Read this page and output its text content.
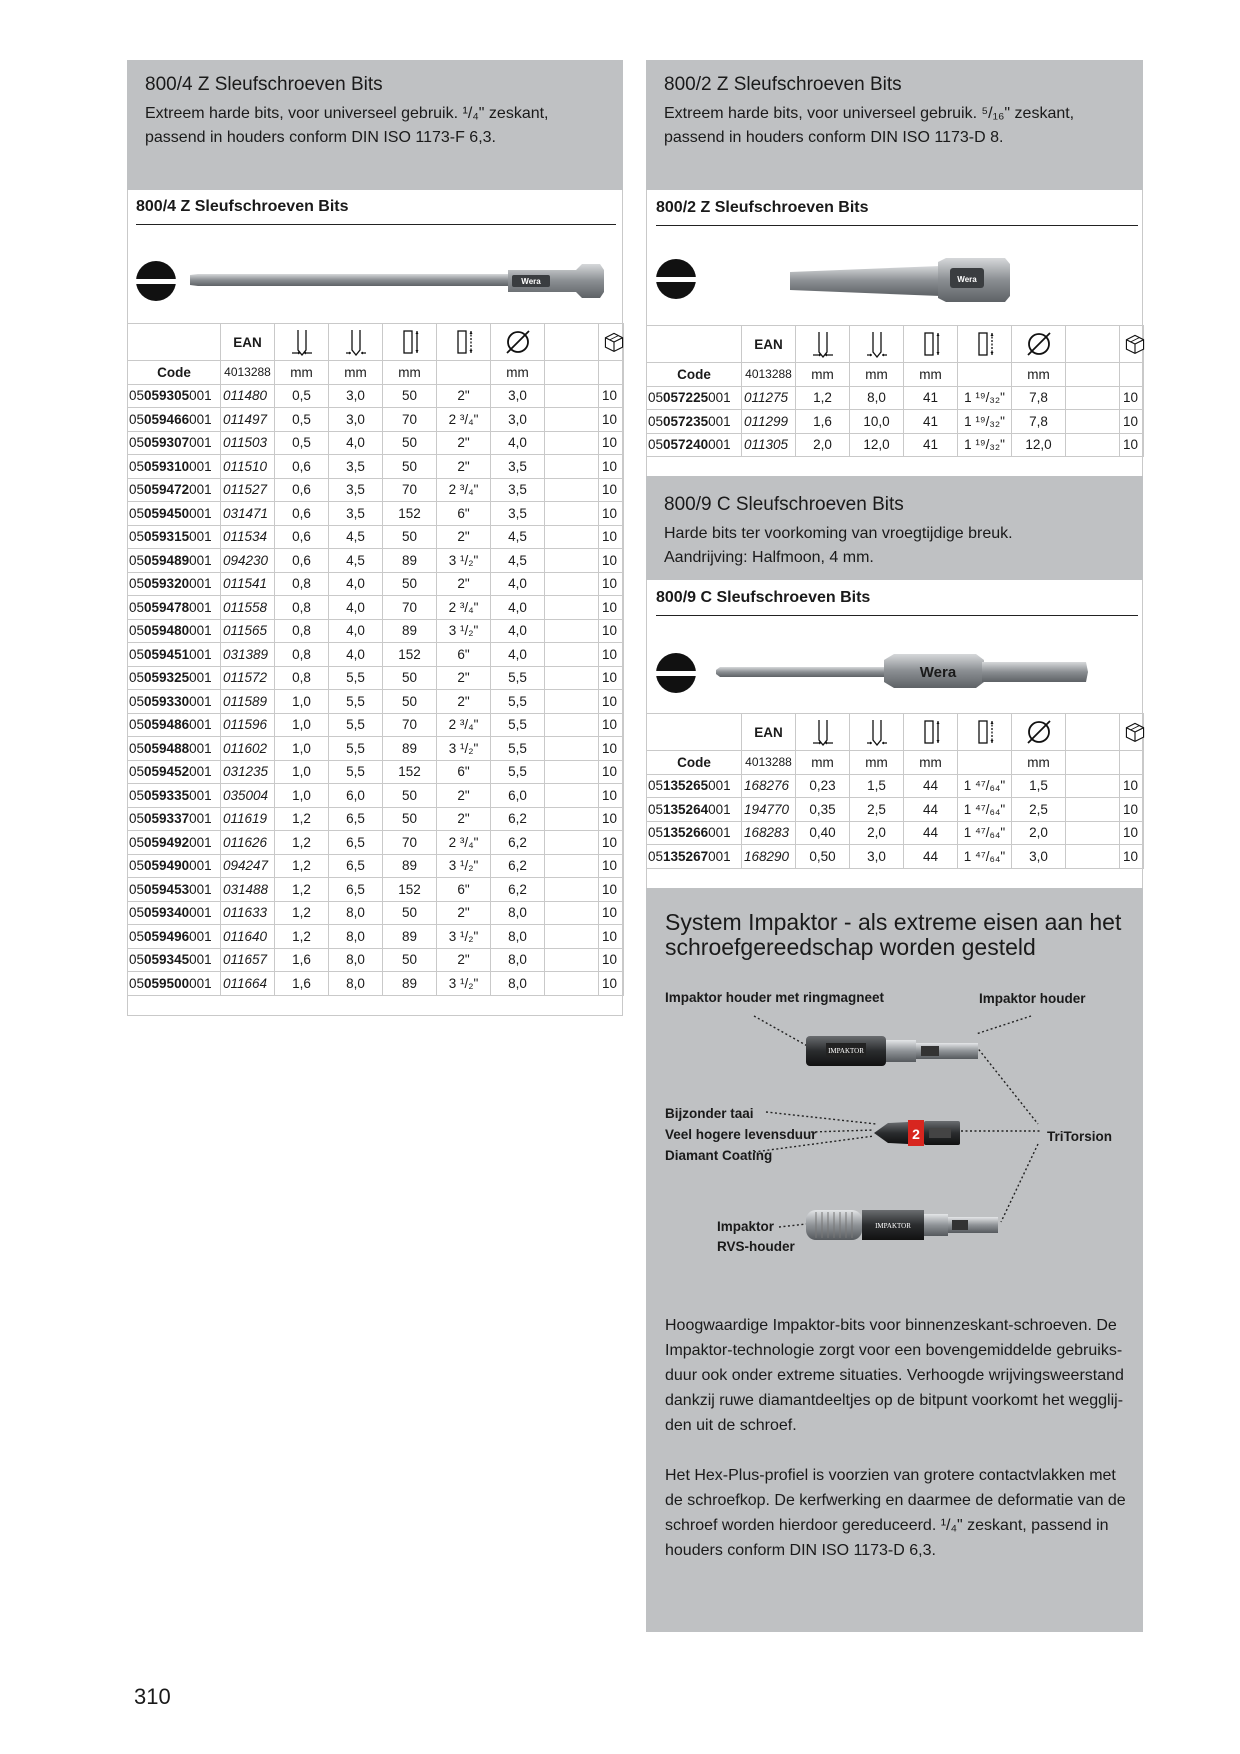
800/4 Z Sleufschroeven Bits
Extreem harde bits, voor universeel gebruik. ¹/₄" zeskant,
passend in houders conform DIN ISO 1173-F 6,3.
800/4 Z Sleufschroeven Bits
Wera
	EAN							
Code	4013288	mm	mm	mm		mm		
05059305001	011480	0,5	3,0	50	2"	3,0		10
05059466001	011497	0,5	3,0	70	2 ³/₄"	3,0		10
05059307001	011503	0,5	4,0	50	2"	4,0		10
05059310001	011510	0,6	3,5	50	2"	3,5		10
05059472001	011527	0,6	3,5	70	2 ³/₄"	3,5		10
05059450001	031471	0,6	3,5	152	6"	3,5		10
05059315001	011534	0,6	4,5	50	2"	4,5		10
05059489001	094230	0,6	4,5	89	3 ¹/₂"	4,5		10
05059320001	011541	0,8	4,0	50	2"	4,0		10
05059478001	011558	0,8	4,0	70	2 ³/₄"	4,0		10
05059480001	011565	0,8	4,0	89	3 ¹/₂"	4,0		10
05059451001	031389	0,8	4,0	152	6"	4,0		10
05059325001	011572	0,8	5,5	50	2"	5,5		10
05059330001	011589	1,0	5,5	50	2"	5,5		10
05059486001	011596	1,0	5,5	70	2 ³/₄"	5,5		10
05059488001	011602	1,0	5,5	89	3 ¹/₂"	5,5		10
05059452001	031235	1,0	5,5	152	6"	5,5		10
05059335001	035004	1,0	6,0	50	2"	6,0		10
05059337001	011619	1,2	6,5	50	2"	6,2		10
05059492001	011626	1,2	6,5	70	2 ³/₄"	6,2		10
05059490001	094247	1,2	6,5	89	3 ¹/₂"	6,2		10
05059453001	031488	1,2	6,5	152	6"	6,2		10
05059340001	011633	1,2	8,0	50	2"	8,0		10
05059496001	011640	1,2	8,0	89	3 ¹/₂"	8,0		10
05059345001	011657	1,6	8,0	50	2"	8,0		10
05059500001	011664	1,6	8,0	89	3 ¹/₂"	8,0		10

800/2 Z Sleufschroeven Bits
Extreem harde bits, voor universeel gebruik. ⁵/₁₆" zeskant,
passend in houders conform DIN ISO 1173-D 8.
800/2 Z Sleufschroeven Bits
Wera
	EAN							
Code	4013288	mm	mm	mm		mm		
05057225001	011275	1,2	8,0	41	1 ¹⁹/₃₂"	7,8		10
05057235001	011299	1,6	10,0	41	1 ¹⁹/₃₂"	7,8		10
05057240001	011305	2,0	12,0	41	1 ¹⁹/₃₂"	12,0		10
800/9 C Sleufschroeven Bits
Harde bits ter voorkoming van vroegtijdige breuk.
Aandrijving: Halfmoon, 4 mm.
800/9 C Sleufschroeven Bits
Wera
	EAN							
Code	4013288	mm	mm	mm		mm		
05135265001	168276	0,23	1,5	44	1 ⁴⁷/₆₄"	1,5		10
05135264001	194770	0,35	2,5	44	1 ⁴⁷/₆₄"	2,5		10
05135266001	168283	0,40	2,0	44	1 ⁴⁷/₆₄"	2,0		10
05135267001	168290	0,50	3,0	44	1 ⁴⁷/₆₄"	3,0		10
System Impaktor - als extreme eisen aan het schroefgereedschap worden gesteld
Impaktor houder met ringmagneet	Impaktor houder
Bijzonder taai
Veel hogere levensduur
Diamant Coating
TriTorsion
Impaktor
RVS-houder
IMPAKTOR
2
IMPAKTOR
Hoogwaardige Impaktor-bits voor binnenzeskant-schroeven. De Impaktor-technologie zorgt voor een bovengemiddelde gebruiks-duur ook onder extreme situaties. Verhoogde wrijvingsweerstand dankzij ruwe diamantdeeltjes op de bitpunt voorkomt het wegglij-den uit de schroef.
Het Hex-Plus-profiel is voorzien van grotere contactvlakken met de schroefkop. De kerfwerking en daarmee de deformatie van de schroef worden hierdoor gereduceerd. ¹/₄" zeskant, passend in houders conform DIN ISO 1173-D 6,3.
310
